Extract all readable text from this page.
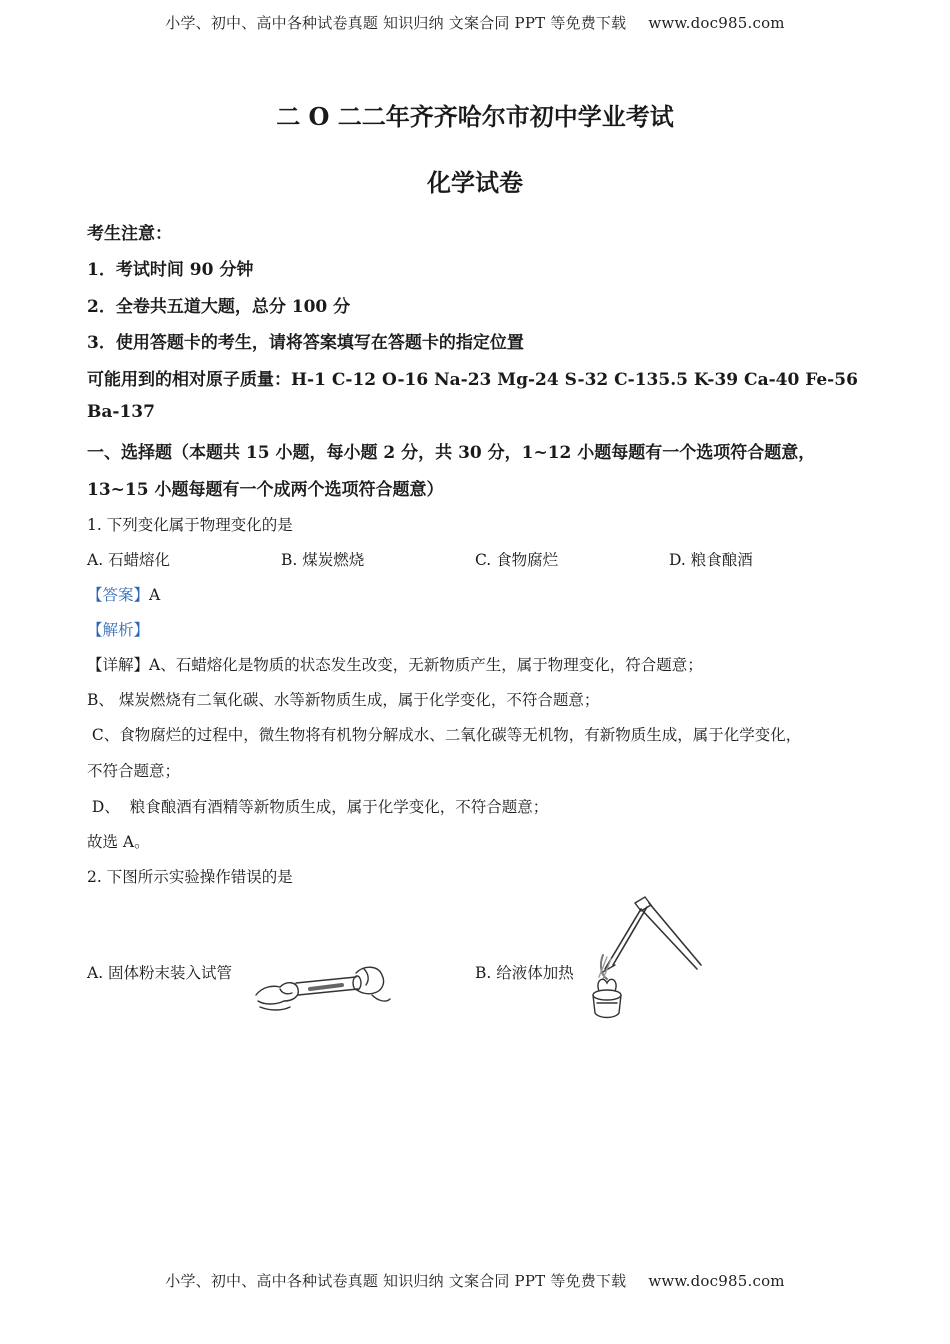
小学、初中、高中各种试卷真题 知识归纳 文案合同 PPT 等免费下载 www.doc985.com
二 O 二二年齐齐哈尔市初中学业考试
化学试卷
考生注意：
1．考试时间 90 分钟
2．全卷共五道大题，总分 100 分
3．使用答题卡的考生，请将答案填写在答题卡的指定位置
可能用到的相对原子质量：H-1 C-12 O-16 Na-23 Mg-24 S-32 C-135.5 K-39 Ca-40 Fe-56
Ba-137
一、选择题（本题共 15 小题，每小题 2 分，共 30 分，1~12 小题每题有一个选项符合题意，
13~15 小题每题有一个成两个选项符合题意）
1. 下列变化属于物理变化的是
A. 石蜡熔化	B. 煤炭燃烧	C. 食物腐烂	D. 粮食酿酒
【答案】A
【解析】
【详解】A、石蜡熔化是物质的状态发生改变，无新物质产生，属于物理变化，符合题意；
B、 煤炭燃烧有二氧化碳、水等新物质生成，属于化学变化，不符合题意；
C、食物腐烂的过程中，微生物将有机物分解成水、二氧化碳等无机物，有新物质生成，属于化学变化，
不符合题意；
D、  粮食酿酒有酒精等新物质生成，属于化学变化，不符合题意；
故选 A。
2. 下图所示实验操作错误的是
A. 固体粉末装入试管	B. 给液体加热
小学、初中、高中各种试卷真题 知识归纳 文案合同 PPT 等免费下载 www.doc985.com
